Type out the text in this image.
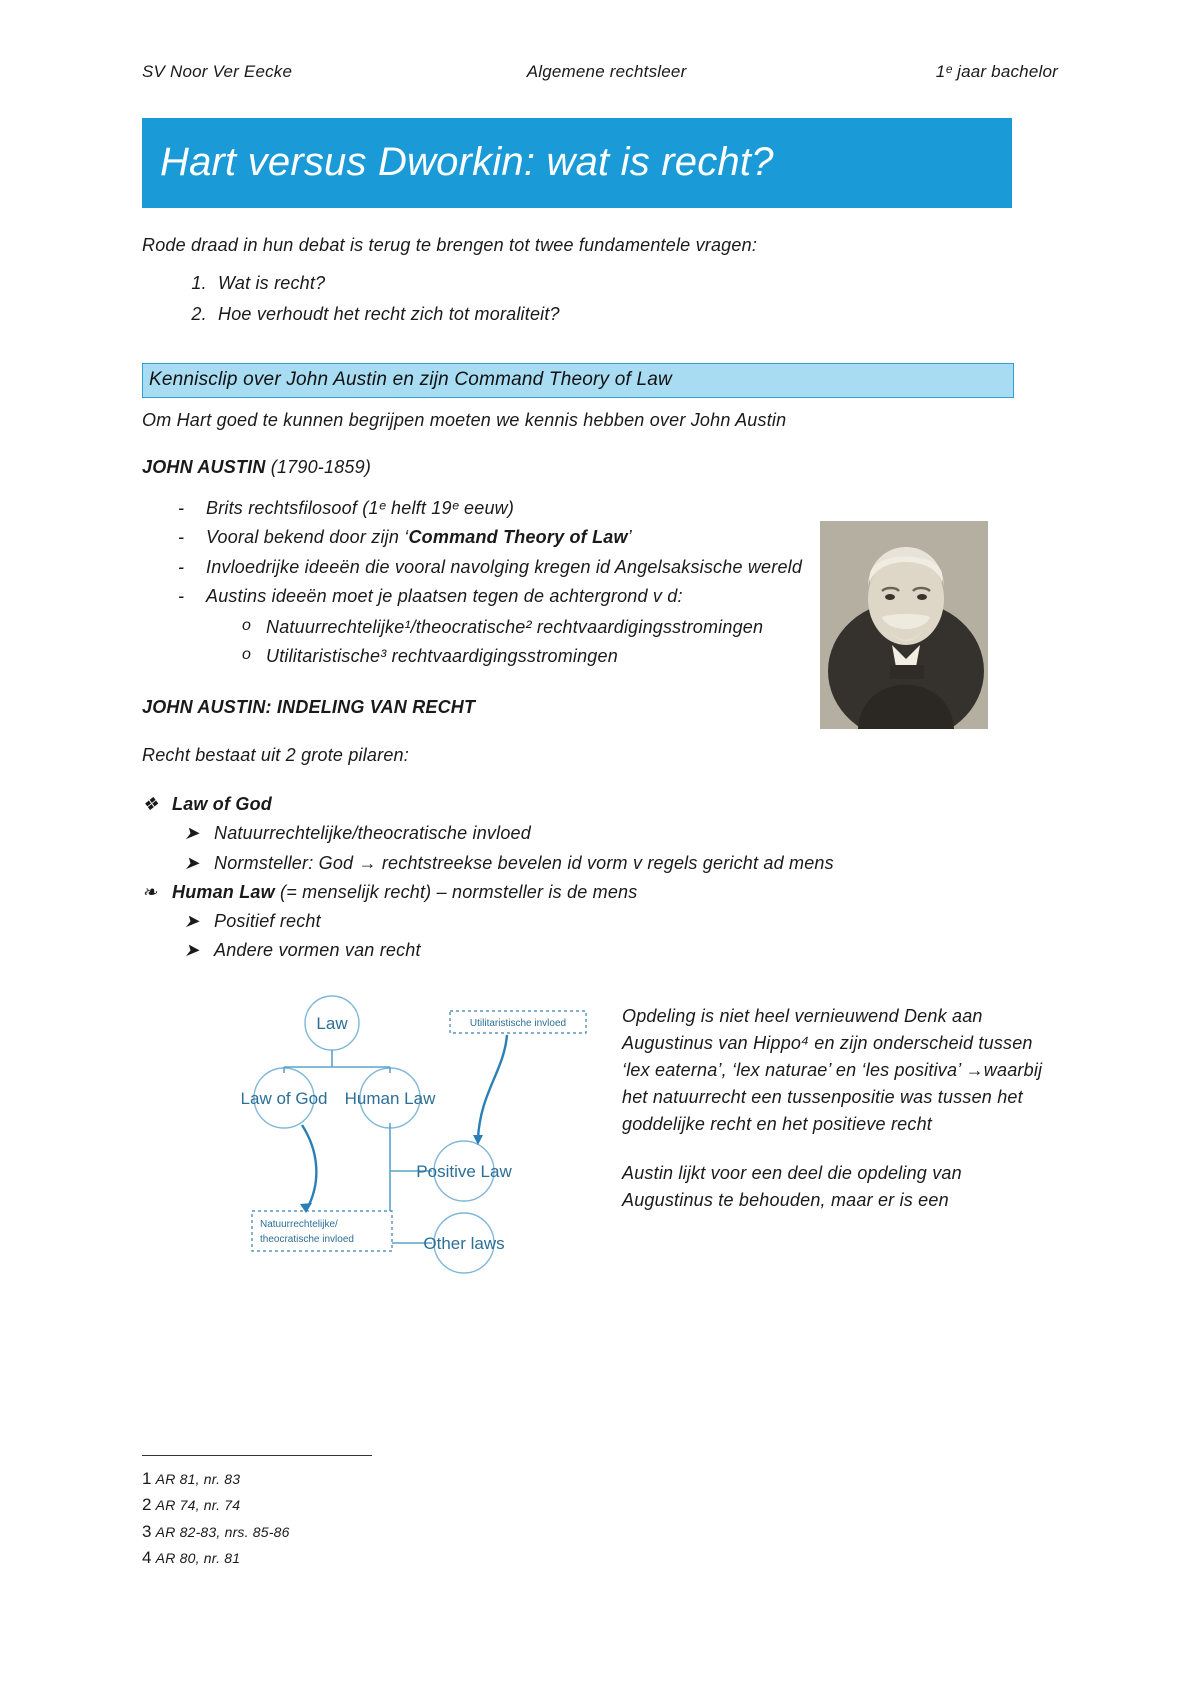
SV Noor Ver Eecke	Algemene rechtsleer	1ᵉ jaar bachelor
Hart versus Dworkin: wat is recht?
Rode draad in hun debat is terug te brengen tot twee fundamentele vragen:
1. Wat is recht?
2. Hoe verhoudt het recht zich tot moraliteit?
Kennisclip over John Austin en zijn Command Theory of Law
Om Hart goed te kunnen begrijpen moeten we kennis hebben over John Austin
JOHN AUSTIN (1790-1859)
-	Brits rechtsfilosoof (1ᵉ helft 19ᵉ eeuw)
-	Vooral bekend door zijn ‘Command Theory of Law’
-	Invloedrijke ideeën die vooral navolging kregen id Angelsaksische wereld
-	Austins ideeën moet je plaatsen tegen de achtergrond v d:
o Natuurrechtelijke¹/theocratische² rechtvaardigingsstromingen
o Utilitaristische³ rechtvaardigingsstromingen
JOHN AUSTIN: INDELING VAN RECHT
Recht bestaat uit 2 grote pilaren:
❖ Law of God
➤ Natuurrechtelijke/theocratische invloed
➤ Normsteller: God → rechtstreekse bevelen id vorm v regels gericht ad mens
❧ Human Law (= menselijk recht) – normsteller is de mens
➤ Positief recht
➤ Andere vormen van recht
Law
Law of God Human Law
Positive Law
Other laws
Utilitaristische invloed
Natuurrechtelijke/
theocratische invloed

Opdeling is niet heel vernieuwend Denk aan Augustinus van Hippo⁴ en zijn onderscheid tussen ‘lex eaterna’, ‘lex naturae’ en ‘les positiva’ →waarbij het natuurrecht een tussenpositie was tussen het goddelijke recht en het positieve recht

Austin lijkt voor een deel die opdeling van Augustinus te behouden, maar er is een

1 AR 81, nr. 83
2 AR 74, nr. 74
3 AR 82-83, nrs. 85-86
4 AR 80, nr. 81
